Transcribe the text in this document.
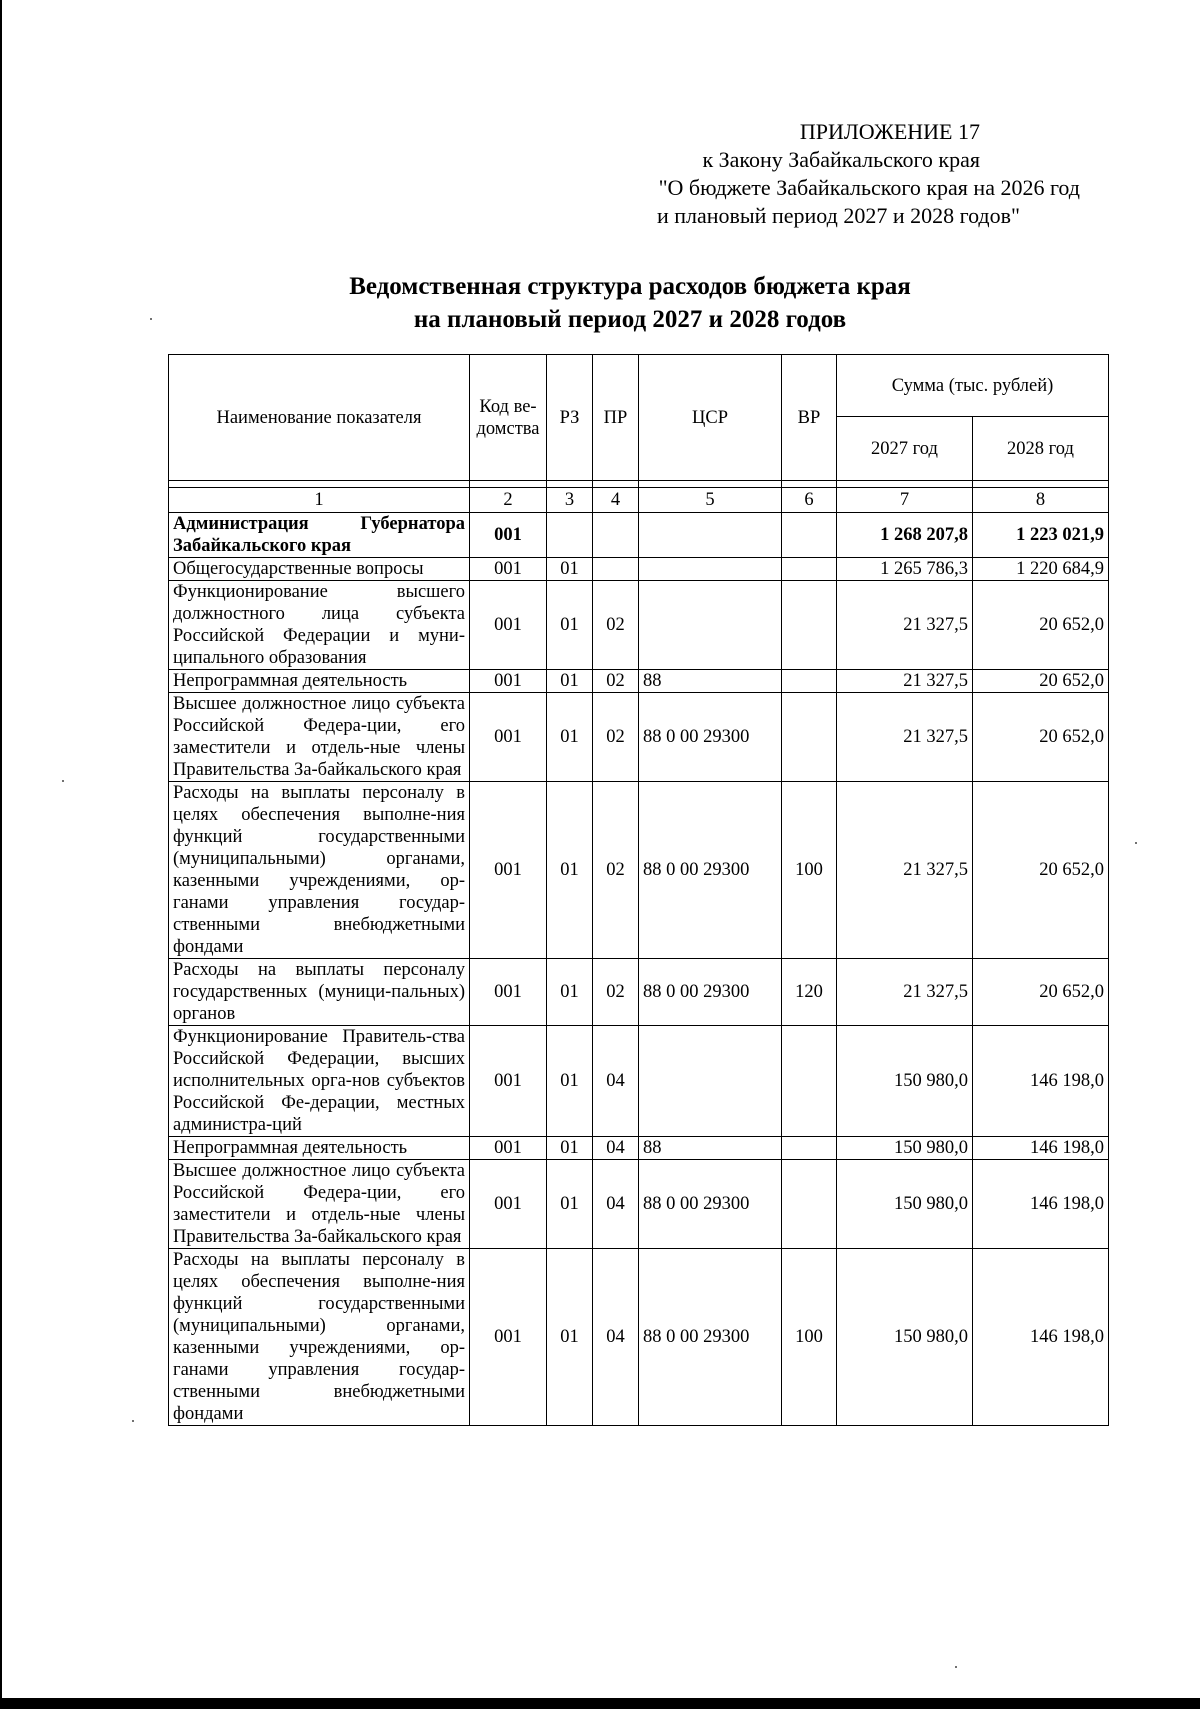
ПРИЛОЖЕНИЕ 17
к Закону Забайкальского края
"О бюджете Забайкальского края на 2026 год
и плановый период 2027 и 2028 годов"
Ведомственная структура расходов бюджета края
на плановый период 2027 и 2028 годов
Наименование показателя	Код ве-домства	РЗ	ПР	ЦСР	ВР	Сумма (тыс. рублей)	
						2027 год	2028 год

1	2	3	4	5	6	7	8
Администрация Губернатора Забайкальского края	001					1 268 207,8	1 223 021,9
Общегосударственные вопросы	001	01				1 265 786,3	1 220 684,9
Функционирование высшего должностного лица субъекта Российской Федерации и муни-ципального образования	001	01	02			21 327,5	20 652,0
Непрограммная деятельность	001	01	02	88		21 327,5	20 652,0
Высшее должностное лицо субъекта Российской Федера-ции, его заместители и отдель-ные члены Правительства За-байкальского края	001	01	02	88 0 00 29300		21 327,5	20 652,0
Расходы на выплаты персоналу в целях обеспечения выполне-ния функций государственными (муниципальными) органами, казенными учреждениями, ор-ганами управления государ-ственными внебюджетными фондами	001	01	02	88 0 00 29300	100	21 327,5	20 652,0
Расходы на выплаты персоналу государственных (муници-пальных) органов	001	01	02	88 0 00 29300	120	21 327,5	20 652,0
Функционирование Правитель-ства Российской Федерации, высших исполнительных орга-нов субъектов Российской Фе-дерации, местных администра-ций	001	01	04			150 980,0	146 198,0
Непрограммная деятельность	001	01	04	88		150 980,0	146 198,0
Высшее должностное лицо субъекта Российской Федера-ции, его заместители и отдель-ные члены Правительства За-байкальского края	001	01	04	88 0 00 29300		150 980,0	146 198,0
Расходы на выплаты персоналу в целях обеспечения выполне-ния функций государственными (муниципальными) органами, казенными учреждениями, ор-ганами управления государ-ственными внебюджетными фондами	001	01	04	88 0 00 29300	100	150 980,0	146 198,0
